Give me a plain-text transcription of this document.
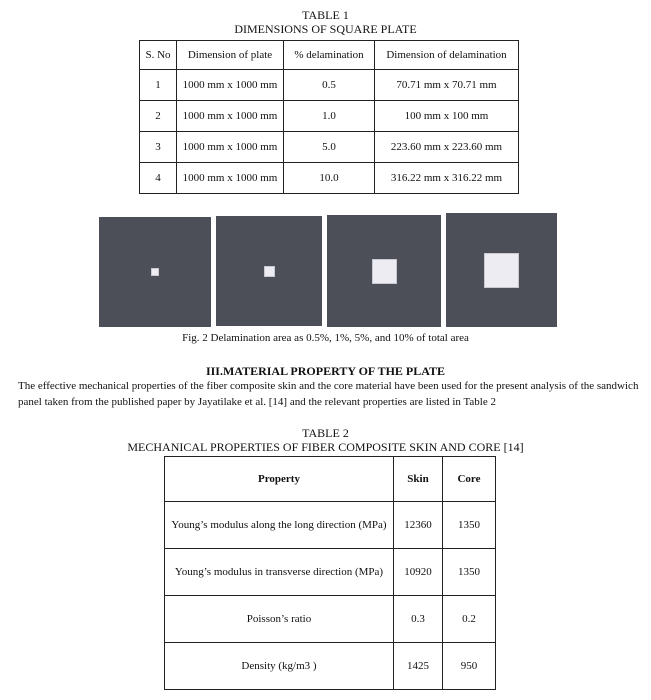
TABLE 1
DIMENSIONS OF SQUARE PLATE
S. No	Dimension of plate	% delamination	Dimension of delamination
1	1000 mm x 1000 mm	0.5	70.71 mm x 70.71 mm
2	1000 mm x 1000 mm	1.0	100 mm x 100 mm
3	1000 mm x 1000 mm	5.0	223.60 mm x 223.60 mm
4	1000 mm x 1000 mm	10.0	316.22 mm x 316.22 mm
Fig. 2 Delamination area as 0.5%, 1%, 5%, and 10% of total area
III.MATERIAL PROPERTY OF THE PLATE

The effective mechanical properties of the fiber composite skin and the core material have been used for the present analysis of the sandwich panel taken from the published paper by Jayatilake et al. [14] and the relevant properties are listed in Table 2

TABLE 2
MECHANICAL PROPERTIES OF FIBER COMPOSITE SKIN AND CORE [14]
Property	Skin	Core
Young’s modulus along the long direction (MPa)	12360	1350
Young’s modulus in transverse direction (MPa)	10920	1350
Poisson’s ratio	0.3	0.2
Density (kg/m3 )	1425	950
